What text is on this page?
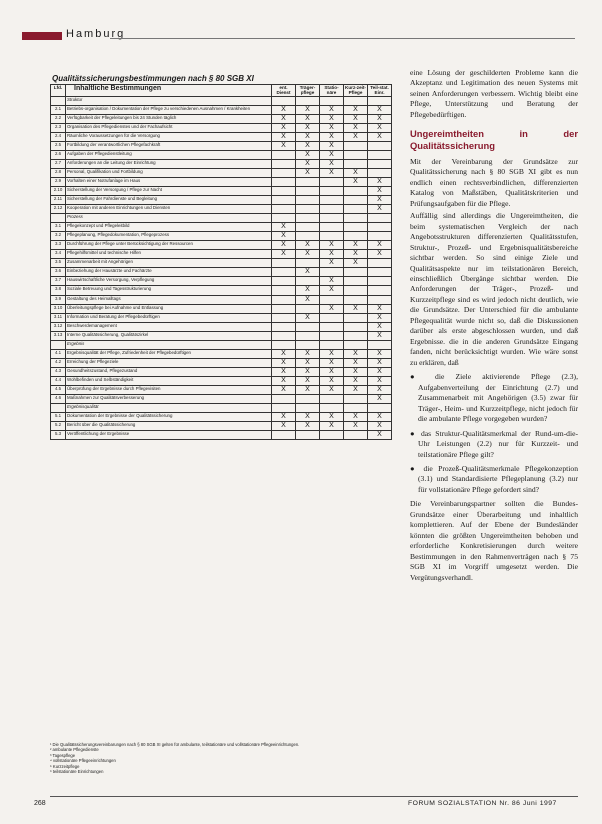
Hamburg
Qualitätssicherungsbestimmungen nach § 80 SGB XI
Lfd.	Inhaltliche Bestimmungen	ent. Dienst	Träger-pflege	Statio-näre	Kurz-zeit-Pflege	Teil-stat. Einr.
	Struktur					
2.1	Betriebs-organisation / Dokumentation der Pflege zu verschiedenen Ausnahmen / Krankheiten	X	X	X	X	X
2.2	Verfügbarkeit der Pflegeleitungen bis 24 Stunden täglich	X	X	X	X	X
2.3	Organisation des Pflegedienstes und der Fachaufsicht	X	X	X	X	X
2.4	Räumliche Voraussetzungen für die Versorgung	X	X	X	X	X
2.5	Fortbildung der verantwortlichen Pflegefachkraft	X	X	X		
2.6	Aufgaben der Pflegedienstleitung		X	X		
2.7	Anforderungen an die Leitung der Einrichtung		X	X		
2.8	Personal, Qualifikation und Fortbildung		X	X	X	
2.9	Vorhalten einer Notrufanlage im Haus				X	X
2.10	Sicherstellung der Versorgung / Pflege zur Nacht					X
2.11	Sicherstellung der Fahrdienste und Begleitung					X
2.12	Kooperation mit anderen Einrichtungen und Diensten					X
	Prozess					
3.1	Pflegekonzept und Pflegeleitbild	X				
3.2	Pflegeplanung, Pflegedokumentation, Pflegeprozess	X				
3.3	Durchführung der Pflege unter Berücksichtigung der Ressourcen	X	X	X	X	X
3.4	Pflegehilfsmittel und technische Hilfen	X	X	X	X	X
3.5	Zusammenarbeit mit Angehörigen			X	X	
3.6	Einbeziehung der Hausärzte und Fachärzte		X			
3.7	Hauswirtschaftliche Versorgung, Verpflegung			X		
3.8	Soziale Betreuung und Tagesstrukturierung		X	X		
3.9	Gestaltung des Heimalltags		X			
3.10	Überleitungspflege bei Aufnahme und Entlassung			X	X	X
3.11	Information und Beratung der Pflegebedürftigen		X			X
3.12	Beschwerdemanagement					X
3.13	Interne Qualitätssicherung, Qualitätszirkel					X
	Ergebnis					
4.1	Ergebnisqualität der Pflege, Zufriedenheit der Pflegebedürftigen	X	X	X	X	X
4.2	Erreichung der Pflegeziele	X	X	X	X	X
4.3	Gesundheitszustand, Pflegezustand	X	X	X	X	X
4.4	Wohlbefinden und Selbständigkeit	X	X	X	X	X
4.5	Überprüfung der Ergebnisse durch Pflegevisiten	X	X	X	X	X
4.6	Maßnahmen zur Qualitätsverbesserung					X
	Ergebnisqualität					
5.1	Dokumentation der Ergebnisse der Qualitätssicherung	X	X	X	X	X
5.2	Bericht über die Qualitätssicherung	X	X	X	X	X
5.3	Veröffentlichung der Ergebnisse					X
¹ Die Qualitätssicherungsvereinbarungen nach § 80 SGB XI gelten für ambulante, teilstationäre und vollstationäre Pflegeeinrichtungen.
² ambulante Pflegedienste
³ Tagespflege
⁴ vollstationäre Pflegeeinrichtungen
⁵ Kurzzeitpflege
⁶ teilstationäre Einrichtungen

eine Lösung der geschilderten Probleme kann die Akzeptanz und Legitimation des neuen Systems mit seinen Anforderungen verbessern. Wichtig bleibt eine Pflege, Unterstützung und Beratung der Pflegebedürftigen.

Ungereimtheiten in der Qualitätssicherung

Mit der Vereinbarung der Grundsätze zur Qualitätssicherung nach § 80 SGB XI gibt es nun endlich einen rechtsverbindlichen, differenzierten Katalog von Maßstäben, Qualitätskriterien und Prüfungsaufgaben für die Pflege.

Auffällig sind allerdings die Ungereimtheiten, die beim systematischen Vergleich der nach Angebotsstrukturen differenzierten Qualitätsstufen, Struktur-, Prozeß- und Ergebnisqualitätsbereiche sichtbar werden. So sind einige Ziele und Qualitätsaspekte nur im teilstationären Bereich, einschließlich Übergänge sichtbar werden. Die Anforderungen der Träger-, Prozeß- und Kurzzeitpflege sind es wird jedoch nicht deutlich, wie die Grundsätze. Der Unterschied für die ambulante Pflegequalität wurde nicht so, daß die Diskussionen darüber als erste abgeschlossen wurden, und daß Ergebnisse. die in die anderen Grundsätze Eingang fanden, nicht berücksichtigt wurden. Wie wäre sonst zu erklären, daß

● die Ziele aktivierende Pflege (2.3), Aufgabenverteilung der Einrichtung (2.7) und Zusammenarbeit mit Angehörigen (3.5) zwar für Träger-, Heim- und Kurzzeitpflege, nicht jedoch für die ambulante Pflege vorgegeben wurden?

● das Struktur-Qualitätsmerkmal der Rund-um-die-Uhr Leistungen (2.2) nur für Kurzzeit- und teilstationäre Pflege gilt?

● die Prozeß-Qualitätsmerkmale Pflegekonzeption (3.1) und Standardisierte Pflegeplanung (3.2) nur für vollstationäre Pflege gefordert sind?

Die Vereinbarungspartner sollten die Bundes-Grundsätze einer Überarbeitung und inhaltlich komplettieren. Auf der Ebene der Bundesländer könnten die größten Ungereimtheiten behoben und erforderliche Konkretisierungen durch weitere Bestimmungen in den Rahmenverträgen nach § 75 SGB XI im Vorgriff umgesetzt werden. Die Vergütungsverhandl.

268	FORUM SOZIALSTATION Nr. 86 Juni 1997
